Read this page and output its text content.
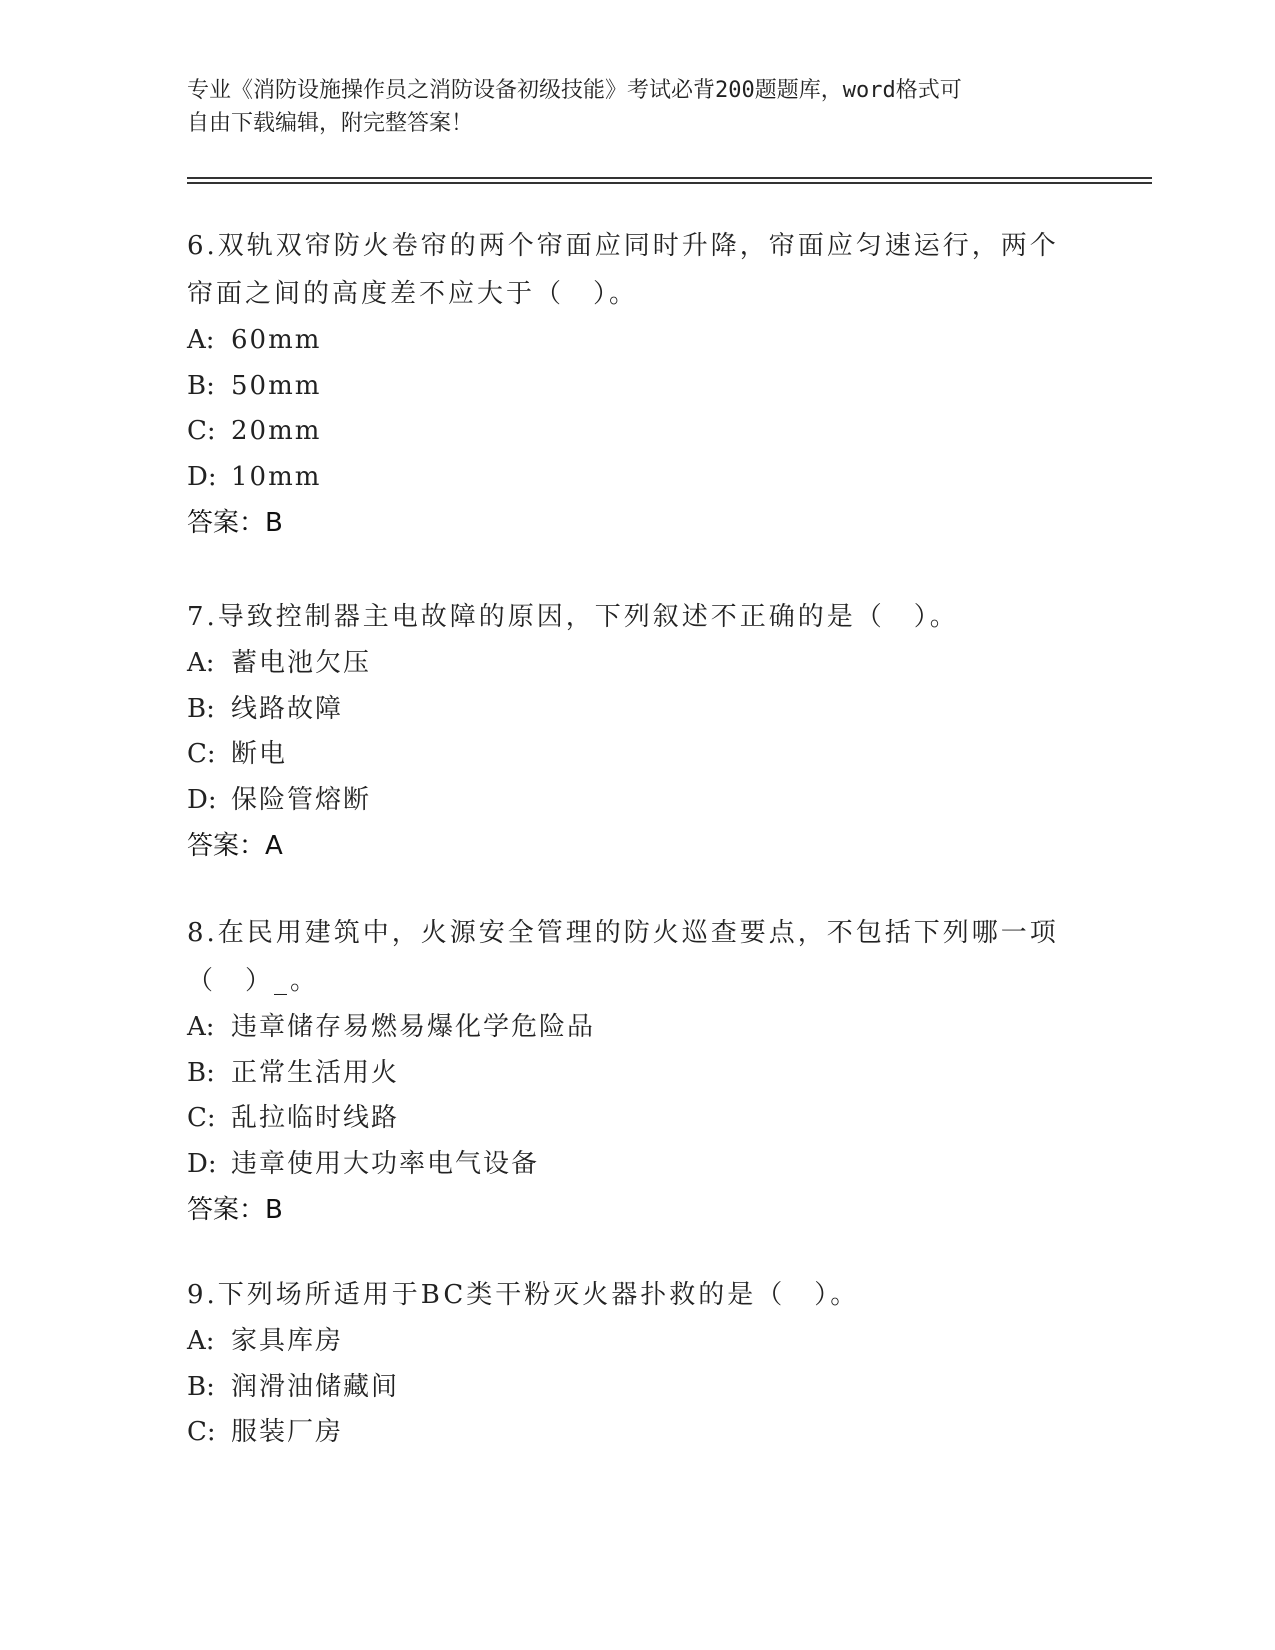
专业《消防设施操作员之消防设备初级技能》考试必背200题题库，word格式可
自由下载编辑，附完整答案！
6.双轨双帘防火卷帘的两个帘面应同时升降，帘面应匀速运行，两个
帘面之间的高度差不应大于（　）。
A: 60mm
B: 50mm
C: 20mm
D: 10mm
答案：B
7.导致控制器主电故障的原因，下列叙述不正确的是（　）。
A: 蓄电池欠压
B: 线路故障
C: 断电
D: 保险管熔断
答案：A
8.在民用建筑中，火源安全管理的防火巡查要点，不包括下列哪一项
（　）_。
A: 违章储存易燃易爆化学危险品
B: 正常生活用火
C: 乱拉临时线路
D: 违章使用大功率电气设备
答案：B
9.下列场所适用于BC类干粉灭火器扑救的是（　）。
A: 家具库房
B: 润滑油储藏间
C: 服装厂房
